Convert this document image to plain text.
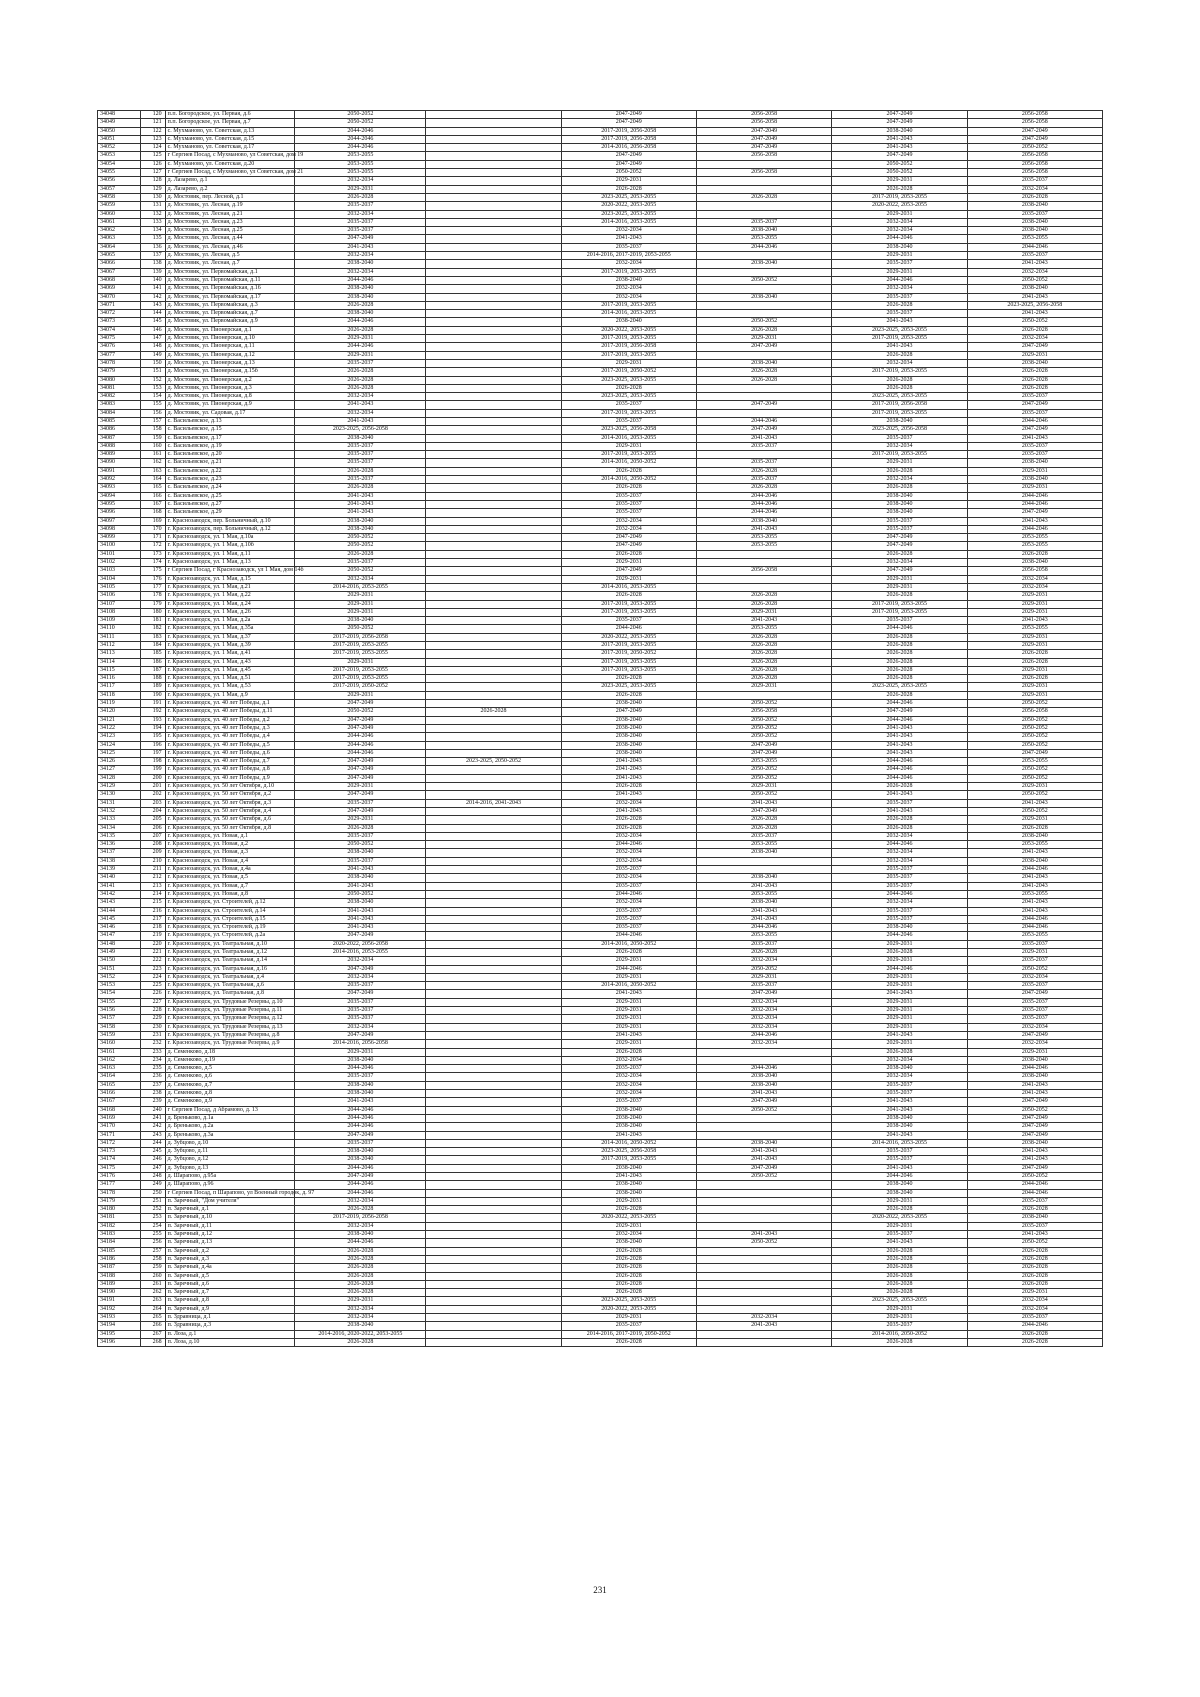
34048	120	п.п. Богородское, ул. Первая, д.6	2050-2052		2047-2049	2056-2058	2047-2049	2056-2058
34049	121	п.п. Богородское, ул. Первая, д.7	2050-2052		2047-2049	2056-2058	2047-2049	2056-2058
34050	122	с. Мухманово, ул. Советская, д.13	2044-2046		2017-2019, 2056-2058	2047-2049	2038-2040	2047-2049
34051	123	с. Мухманово, ул. Советская, д.15	2044-2046		2017-2019, 2056-2058	2047-2049	2041-2043	2047-2049
34052	124	с. Мухманово, ул. Советская, д.17	2044-2046		2014-2016, 2056-2058	2047-2049	2041-2043	2050-2052
34053	125	г Сергиев Посад, с Мухманово, ул Советская, дом 19	2053-2055		2047-2049	2056-2058	2047-2049	2056-2058
34054	126	с. Мухманово, ул. Советская, д.20	2053-2055		2047-2049		2050-2052	2056-2058
34055	127	г Сергиев Посад, с Мухманово, ул Советская, дом 21	2053-2055		2050-2052	2056-2058	2050-2052	2056-2058
34056	128	д. Лазарево, д.1	2032-2034		2029-2031		2029-2031	2035-2037
34057	129	д. Лазарево, д.2	2029-2031		2026-2028		2026-2028	2032-2034
34058	130	д. Мостовик, пер. Лесной, д.1	2026-2028		2023-2025, 2053-2055	2026-2028	2017-2019, 2053-2055	2026-2028
34059	131	д. Мостовик, ул. Лесная, д.19	2035-2037		2020-2022, 2053-2055		2020-2022, 2053-2055	2038-2040
34060	132	д. Мостовик, ул. Лесная, д.21	2032-2034		2023-2025, 2053-2055		2029-2031	2035-2037
34061	133	д. Мостовик, ул. Лесная, д.23	2035-2037		2014-2016, 2053-2055	2035-2037	2032-2034	2038-2040
34062	134	д. Мостовик, ул. Лесная, д.25	2035-2037		2032-2034	2038-2040	2032-2034	2038-2040
34063	135	д. Мостовик, ул. Лесная, д.44	2047-2049		2041-2043	2053-2055	2044-2046	2053-2055
34064	136	д. Мостовик, ул. Лесная, д.46	2041-2043		2035-2037	2044-2046	2038-2040	2044-2046
34065	137	д. Мостовик, ул. Лесная, д.5	2032-2034		2014-2016, 2017-2019, 2053-2055		2029-2031	2035-2037
34066	138	д. Мостовик, ул. Лесная, д.7	2038-2040		2032-2034	2038-2040	2035-2037	2041-2043
34067	139	д. Мостовик, ул. Первомайская, д.1	2032-2034		2017-2019, 2053-2055		2029-2031	2032-2034
34068	140	д. Мостовик, ул. Первомайская, д.11	2044-2046		2038-2040	2050-2052	2044-2046	2050-2052
34069	141	д. Мостовик, ул. Первомайская, д.16	2038-2040		2032-2034		2032-2034	2038-2040
34070	142	д. Мостовик, ул. Первомайская, д.17	2038-2040		2032-2034	2038-2040	2035-2037	2041-2043
34071	143	д. Мостовик, ул. Первомайская, д.3	2026-2028		2017-2019, 2053-2055		2026-2028	2023-2025, 2056-2058
34072	144	д. Мостовик, ул. Первомайская, д.7	2038-2040		2014-2016, 2053-2055		2035-2037	2041-2043
34073	145	д. Мостовик, ул. Первомайская, д.9	2044-2046		2038-2040	2050-2052	2041-2043	2050-2052
34074	146	д. Мостовик, ул. Пионерская, д.1	2026-2028		2020-2022, 2053-2055	2026-2028	2023-2025, 2053-2055	2026-2028
34075	147	д. Мостовик, ул. Пионерская, д.10	2029-2031		2017-2019, 2053-2055	2029-2031	2017-2019, 2053-2055	2032-2034
34076	148	д. Мостовик, ул. Пионерская, д.11	2044-2046		2017-2019, 2056-2058	2047-2049	2041-2043	2047-2049
34077	149	д. Мостовик, ул. Пионерская, д.12	2029-2031		2017-2019, 2053-2055		2026-2028	2029-2031
34078	150	д. Мостовик, ул. Пионерская, д.13	2035-2037		2029-2031	2038-2040	2032-2034	2038-2040
34079	151	д. Мостовик, ул. Пионерская, д.15б	2026-2028		2017-2019, 2050-2052	2026-2028	2017-2019, 2053-2055	2026-2028
34080	152	д. Мостовик, ул. Пионерская, д.2	2026-2028		2023-2025, 2053-2055	2026-2028	2026-2028	2026-2028
34081	153	д. Мостовик, ул. Пионерская, д.3	2026-2028		2026-2028		2026-2028	2026-2028
34082	154	д. Мостовик, ул. Пионерская, д.8	2032-2034		2023-2025, 2053-2055		2023-2025, 2053-2055	2035-2037
34083	155	д. Мостовик, ул. Пионерская, д.9	2041-2043		2035-2037	2047-2049	2017-2019, 2056-2058	2047-2049
34084	156	д. Мостовик, ул. Садовая, д.17	2032-2034		2017-2019, 2053-2055		2017-2019, 2053-2055	2035-2037
34085	157	с. Васильевское, д.13	2041-2043		2035-2037	2044-2046	2038-2040	2044-2046
34086	158	с. Васильевское, д.15	2023-2025, 2056-2058		2023-2025, 2056-2058	2047-2049	2023-2025, 2056-2058	2047-2049
34087	159	с. Васильевское, д.17	2038-2040		2014-2016, 2053-2055	2041-2043	2035-2037	2041-2043
34088	160	с. Васильевское, д.19	2035-2037		2029-2031	2035-2037	2032-2034	2035-2037
34089	161	с. Васильевское, д.20	2035-2037		2017-2019, 2053-2055		2017-2019, 2053-2055	2035-2037
34090	162	с. Васильевское, д.21	2035-2037		2014-2016, 2050-2052	2035-2037	2029-2031	2038-2040
34091	163	с. Васильевское, д.22	2026-2028		2026-2028	2026-2028	2026-2028	2029-2031
34092	164	с. Васильевское, д.23	2035-2037		2014-2016, 2050-2052	2035-2037	2032-2034	2038-2040
34093	165	с. Васильевское, д.24	2026-2028		2026-2028	2026-2028	2026-2028	2029-2031
34094	166	с. Васильевское, д.25	2041-2043		2035-2037	2044-2046	2038-2040	2044-2046
34095	167	с. Васильевское, д.27	2041-2043		2035-2037	2044-2046	2038-2040	2044-2046
34096	168	с. Васильевское, д.29	2041-2043		2035-2037	2044-2046	2038-2040	2047-2049
34097	169	г. Краснозаводск, пер. Больничный, д.10	2038-2040		2032-2034	2038-2040	2035-2037	2041-2043
34098	170	г. Краснозаводск, пер. Больничный, д.12	2038-2040		2032-2034	2041-2043	2035-2037	2044-2046
34099	171	г. Краснозаводск, ул. 1 Мая, д.10а	2050-2052		2047-2049	2053-2055	2047-2049	2053-2055
34100	172	г. Краснозаводск, ул. 1 Мая, д.10б	2050-2052		2047-2049	2053-2055	2047-2049	2053-2055
34101	173	г. Краснозаводск, ул. 1 Мая, д.11	2026-2028		2026-2028		2026-2028	2026-2028
34102	174	г. Краснозаводск, ул. 1 Мая, д.13	2035-2037		2029-2031		2032-2034	2038-2040
34103	175	г Сергиев Посад, г Краснозаводск, ул 1 Мая, дом 14б	2050-2052		2047-2049	2056-2058	2047-2049	2056-2058
34104	176	г. Краснозаводск, ул. 1 Мая, д.15	2032-2034		2029-2031		2029-2031	2032-2034
34105	177	г. Краснозаводск, ул. 1 Мая, д.21	2014-2016, 2053-2055		2014-2016, 2053-2055		2029-2031	2032-2034
34106	178	г. Краснозаводск, ул. 1 Мая, д.22	2029-2031		2026-2028	2026-2028	2026-2028	2029-2031
34107	179	г. Краснозаводск, ул. 1 Мая, д.24	2029-2031		2017-2019, 2053-2055	2026-2028	2017-2019, 2053-2055	2029-2031
34108	180	г. Краснозаводск, ул. 1 Мая, д.26	2029-2031		2017-2019, 2053-2055	2029-2031	2017-2019, 2053-2055	2029-2031
34109	181	г. Краснозаводск, ул. 1 Мая, д.2а	2038-2040		2035-2037	2041-2043	2035-2037	2041-2043
34110	182	г. Краснозаводск, ул. 1 Мая, д.35а	2050-2052		2044-2046	2053-2055	2044-2046	2053-2055
34111	183	г. Краснозаводск, ул. 1 Мая, д.37	2017-2019, 2056-2058		2020-2022, 2053-2055	2026-2028	2026-2028	2029-2031
34112	184	г. Краснозаводск, ул. 1 Мая, д.39	2017-2019, 2053-2055		2017-2019, 2053-2055	2026-2028	2026-2028	2029-2031
34113	185	г. Краснозаводск, ул. 1 Мая, д.41	2017-2019, 2053-2055		2017-2019, 2050-2052	2026-2028	2026-2028	2026-2028
34114	186	г. Краснозаводск, ул. 1 Мая, д.43	2029-2031		2017-2019, 2053-2055	2026-2028	2026-2028	2026-2028
34115	187	г. Краснозаводск, ул. 1 Мая, д.45	2017-2019, 2053-2055		2017-2019, 2053-2055	2026-2028	2026-2028	2029-2031
34116	188	г. Краснозаводск, ул. 1 Мая, д.51	2017-2019, 2053-2055		2026-2028	2026-2028	2026-2028	2026-2028
34117	189	г. Краснозаводск, ул. 1 Мая, д.53	2017-2019, 2050-2052		2023-2025, 2053-2055	2029-2031	2023-2025, 2053-2055	2029-2031
34118	190	г. Краснозаводск, ул. 1 Мая, д.9	2029-2031		2026-2028		2026-2028	2029-2031
34119	191	г. Краснозаводск, ул. 40 лет Победы, д.1	2047-2049		2038-2040	2050-2052	2044-2046	2050-2052
34120	192	г. Краснозаводск, ул. 40 лет Победы, д.11	2050-2052	2026-2028	2047-2049	2056-2058	2047-2049	2056-2058
34121	193	г. Краснозаводск, ул. 40 лет Победы, д.2	2047-2049		2038-2040	2050-2052	2044-2046	2050-2052
34122	194	г. Краснозаводск, ул. 40 лет Победы, д.3	2047-2049		2038-2040	2050-2052	2041-2043	2050-2052
34123	195	г. Краснозаводск, ул. 40 лет Победы, д.4	2044-2046		2038-2040	2050-2052	2041-2043	2050-2052
34124	196	г. Краснозаводск, ул. 40 лет Победы, д.5	2044-2046		2038-2040	2047-2049	2041-2043	2050-2052
34125	197	г. Краснозаводск, ул. 40 лет Победы, д.6	2044-2046		2038-2040	2047-2049	2041-2043	2047-2049
34126	198	г. Краснозаводск, ул. 40 лет Победы, д.7	2047-2049	2023-2025, 2050-2052	2041-2043	2053-2055	2044-2046	2053-2055
34127	199	г. Краснозаводск, ул. 40 лет Победы, д.8	2047-2049		2041-2043	2050-2052	2044-2046	2050-2052
34128	200	г. Краснозаводск, ул. 40 лет Победы, д.9	2047-2049		2041-2043	2050-2052	2044-2046	2050-2052
34129	201	г. Краснозаводск, ул. 50 лет Октября, д.10	2029-2031		2026-2028	2029-2031	2026-2028	2029-2031
34130	202	г. Краснозаводск, ул. 50 лет Октября, д.2	2047-2049		2041-2043	2050-2052	2041-2043	2050-2052
34131	203	г. Краснозаводск, ул. 50 лет Октября, д.3	2035-2037	2014-2016, 2041-2043	2032-2034	2041-2043	2035-2037	2041-2043
34132	204	г. Краснозаводск, ул. 50 лет Октября, д.4	2047-2049		2041-2043	2047-2049	2041-2043	2050-2052
34133	205	г. Краснозаводск, ул. 50 лет Октября, д.6	2029-2031		2026-2028	2026-2028	2026-2028	2029-2031
34134	206	г. Краснозаводск, ул. 50 лет Октября, д.8	2026-2028		2026-2028	2026-2028	2026-2028	2026-2028
34135	207	г. Краснозаводск, ул. Новая, д.1	2035-2037		2032-2034	2035-2037	2032-2034	2038-2040
34136	208	г. Краснозаводск, ул. Новая, д.2	2050-2052		2044-2046	2053-2055	2044-2046	2053-2055
34137	209	г. Краснозаводск, ул. Новая, д.3	2038-2040		2032-2034	2038-2040	2032-2034	2041-2043
34138	210	г. Краснозаводск, ул. Новая, д.4	2035-2037		2032-2034		2032-2034	2038-2040
34139	211	г. Краснозаводск, ул. Новая, д.4а	2041-2043		2035-2037		2035-2037	2044-2046
34140	212	г. Краснозаводск, ул. Новая, д.5	2038-2040		2032-2034	2038-2040	2035-2037	2041-2043
34141	213	г. Краснозаводск, ул. Новая, д.7	2041-2043		2035-2037	2041-2043	2035-2037	2041-2043
34142	214	г. Краснозаводск, ул. Новая, д.8	2050-2052		2044-2046	2053-2055	2044-2046	2053-2055
34143	215	г. Краснозаводск, ул. Строителей, д.12	2038-2040		2032-2034	2038-2040	2032-2034	2041-2043
34144	216	г. Краснозаводск, ул. Строителей, д.14	2041-2043		2035-2037	2041-2043	2035-2037	2041-2043
34145	217	г. Краснозаводск, ул. Строителей, д.15	2041-2043		2035-2037	2041-2043	2035-2037	2044-2046
34146	218	г. Краснозаводск, ул. Строителей, д.19	2041-2043		2035-2037	2044-2046	2038-2040	2044-2046
34147	219	г. Краснозаводск, ул. Строителей, д.2а	2047-2049		2044-2046	2053-2055	2044-2046	2053-2055
34148	220	г. Краснозаводск, ул. Театральная, д.10	2020-2022, 2056-2058		2014-2016, 2050-2052	2035-2037	2029-2031	2035-2037
34149	221	г. Краснозаводск, ул. Театральная, д.12	2014-2016, 2053-2055		2026-2028	2026-2028	2026-2028	2029-2031
34150	222	г. Краснозаводск, ул. Театральная, д.14	2032-2034		2029-2031	2032-2034	2029-2031	2035-2037
34151	223	г. Краснозаводск, ул. Театральная, д.16	2047-2049		2044-2046	2050-2052	2044-2046	2050-2052
34152	224	г. Краснозаводск, ул. Театральная, д.4	2032-2034		2029-2031	2029-2031	2029-2031	2032-2034
34153	225	г. Краснозаводск, ул. Театральная, д.6	2035-2037		2014-2016, 2050-2052	2035-2037	2029-2031	2035-2037
34154	226	г. Краснозаводск, ул. Театральная, д.8	2047-2049		2041-2043	2047-2049	2041-2043	2047-2049
34155	227	г. Краснозаводск, ул. Трудовые Резервы, д.10	2035-2037		2029-2031	2032-2034	2029-2031	2035-2037
34156	228	г. Краснозаводск, ул. Трудовые Резервы, д.11	2035-2037		2029-2031	2032-2034	2029-2031	2035-2037
34157	229	г. Краснозаводск, ул. Трудовые Резервы, д.12	2035-2037		2029-2031	2032-2034	2029-2031	2035-2037
34158	230	г. Краснозаводск, ул. Трудовые Резервы, д.13	2032-2034		2029-2031	2032-2034	2029-2031	2032-2034
34159	231	г. Краснозаводск, ул. Трудовые Резервы, д.8	2047-2049		2041-2043	2044-2046	2041-2043	2047-2049
34160	232	г. Краснозаводск, ул. Трудовые Резервы, д.9	2014-2016, 2056-2058		2029-2031	2032-2034	2029-2031	2032-2034
34161	233	д. Семенково, д.18	2029-2031		2026-2028		2026-2028	2029-2031
34162	234	д. Семенково, д.19	2038-2040		2032-2034		2032-2034	2038-2040
34163	235	д. Семенково, д.5	2044-2046		2035-2037	2044-2046	2038-2040	2044-2046
34164	236	д. Семенково, д.6	2035-2037		2032-2034	2038-2040	2032-2034	2038-2040
34165	237	д. Семенково, д.7	2038-2040		2032-2034	2038-2040	2035-2037	2041-2043
34166	238	д. Семенково, д.8	2038-2040		2032-2034	2041-2043	2035-2037	2041-2043
34167	239	д. Семенково, д.9	2041-2043		2035-2037	2047-2049	2041-2043	2047-2049
34168	240	г Сергиев Посад, д Абрамово, д. 13	2044-2046		2038-2040	2050-2052	2041-2043	2050-2052
34169	241	д. Бреньково, д.1а	2044-2046		2038-2040		2038-2040	2047-2049
34170	242	д. Бреньково, д.2а	2044-2046		2038-2040		2038-2040	2047-2049
34171	243	д. Бреньково, д.3а	2047-2049		2041-2043		2041-2043	2047-2049
34172	244	д. Зубцово, д.10	2035-2037		2014-2016, 2050-2052	2038-2040	2014-2016, 2053-2055	2038-2040
34173	245	д. Зубцово, д.11	2038-2040		2023-2025, 2056-2058	2041-2043	2035-2037	2041-2043
34174	246	д. Зубцово, д.12	2038-2040		2017-2019, 2053-2055	2041-2043	2035-2037	2041-2043
34175	247	д. Зубцово, д.13	2044-2046		2038-2040	2047-2049	2041-2043	2047-2049
34176	248	д. Шарапово, д.95а	2047-2049		2041-2043	2050-2052	2044-2046	2050-2052
34177	249	д. Шарапово, д.96	2044-2046		2038-2040		2038-2040	2044-2046
34178	250	г Сергиев Посад, п Шарапово, ул Военный городок, д. 97	2044-2046		2038-2040		2038-2040	2044-2046
34179	251	п. Заречный, "Дом учителя"	2032-2034		2029-2031		2029-2031	2035-2037
34180	252	п. Заречный, д.1	2026-2028		2026-2028		2026-2028	2026-2028
34181	253	п. Заречный, д.10	2017-2019, 2056-2058		2020-2022, 2053-2055		2020-2022, 2053-2055	2038-2040
34182	254	п. Заречный, д.11	2032-2034		2029-2031		2029-2031	2035-2037
34183	255	п. Заречный, д.12	2038-2040		2032-2034	2041-2043	2035-2037	2041-2043
34184	256	п. Заречный, д.13	2044-2046		2038-2040	2050-2052	2041-2043	2050-2052
34185	257	п. Заречный, д.2	2026-2028		2026-2028		2026-2028	2026-2028
34186	258	п. Заречный, д.3	2026-2028		2026-2028		2026-2028	2026-2028
34187	259	п. Заречный, д.4а	2026-2028		2026-2028		2026-2028	2026-2028
34188	260	п. Заречный, д.5	2026-2028		2026-2028		2026-2028	2026-2028
34189	261	п. Заречный, д.6	2026-2028		2026-2028		2026-2028	2026-2028
34190	262	п. Заречный, д.7	2026-2028		2026-2028		2026-2028	2029-2031
34191	263	п. Заречный, д.8	2029-2031		2023-2025, 2053-2055		2023-2025, 2053-2055	2032-2034
34192	264	п. Заречный, д.9	2032-2034		2020-2022, 2053-2055		2029-2031	2032-2034
34193	265	п. Здравница, д.1	2032-2034		2029-2031	2032-2034	2029-2031	2035-2037
34194	266	п. Здравница, д.3	2038-2040		2035-2037	2041-2043	2035-2037	2044-2046
34195	267	п. Лоза, д.1	2014-2016, 2020-2022, 2053-2055		2014-2016, 2017-2019, 2050-2052		2014-2016, 2050-2052	2026-2028
34196	268	п. Лоза, д.10	2026-2028		2026-2028		2026-2028	2026-2028
231
